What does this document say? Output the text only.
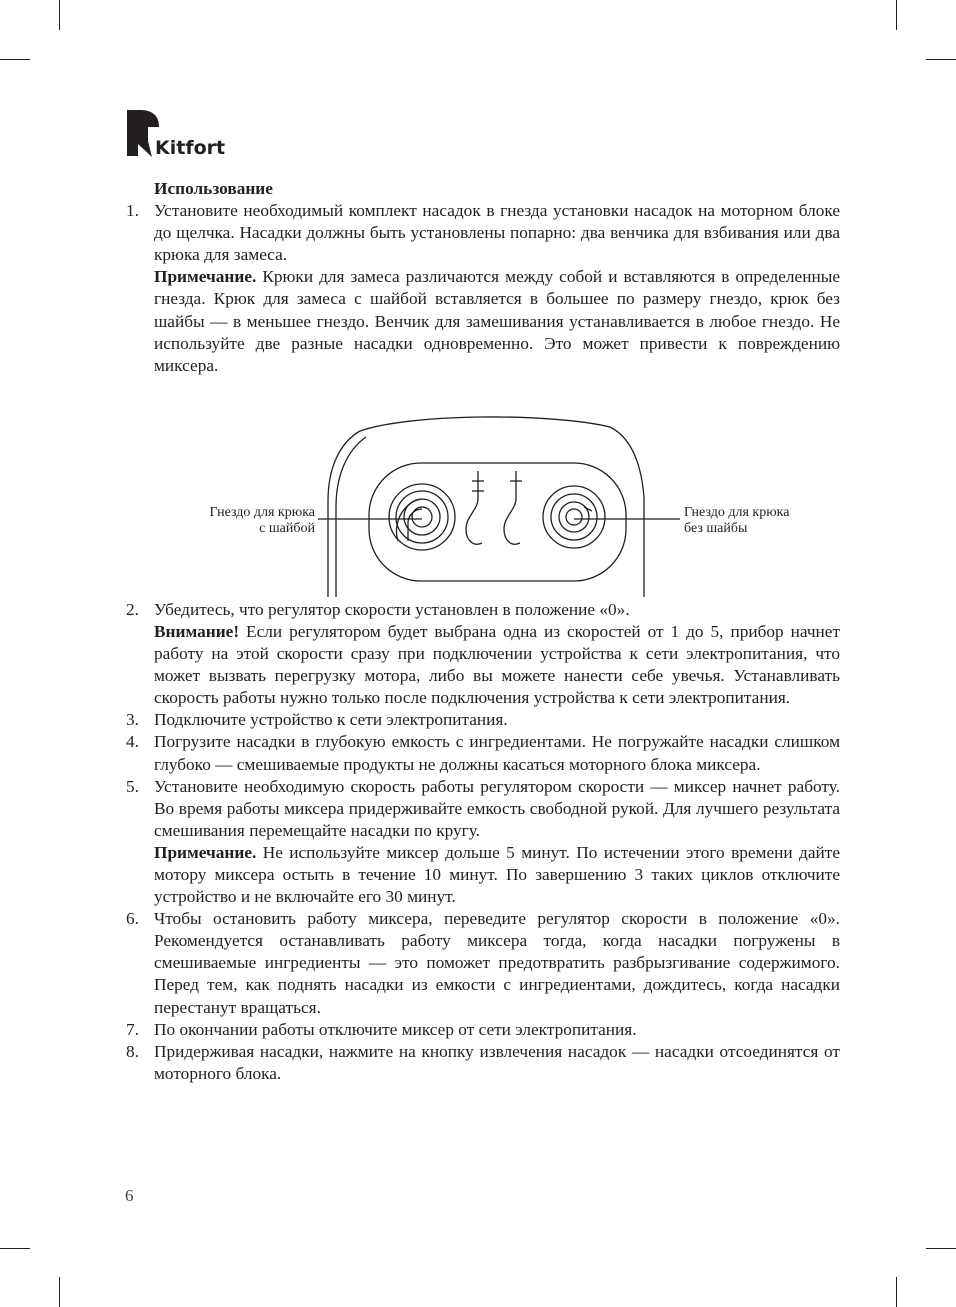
Kitfort

Использование

1. Установите необходимый комплект насадок в гнезда установки насадок на моторном блоке до щелчка. Насадки должны быть установлены попарно: два венчика для взбивания или два крюка для замеса.

Примечание. Крюки для замеса различаются между собой и вставляются в определенные гнезда. Крюк для замеса с шайбой вставляется в большее по размеру гнездо, крюк без шайбы — в меньшее гнездо. Венчик для замешивания устанавливается в любое гнездо. Не используйте две разные насадки одновременно. Это может привести к повреждению миксера.

Гнездо для крюка
с шайбой
Гнездо для крюка
без шайбы
2. Убедитесь, что регулятор скорости установлен в положение «0».

Внимание! Если регулятором будет выбрана одна из скоростей от 1 до 5, прибор начнет работу на этой скорости сразу при подключении устройства к сети электропитания, что может вызвать перегрузку мотора, либо вы можете нанести себе увечья. Устанавливать скорость работы нужно только после подключения устройства к сети электропитания.

3. Подключите устройство к сети электропитания.

4. Погрузите насадки в глубокую емкость с ингредиентами. Не погружайте насадки слишком глубоко — смешиваемые продукты не должны касаться моторного блока миксера.

5. Установите необходимую скорость работы регулятором скорости — миксер начнет работу. Во время работы миксера придерживайте емкость свободной рукой. Для лучшего результата смешивания перемещайте насадки по кругу.

Примечание. Не используйте миксер дольше 5 минут. По истечении этого времени дайте мотору миксера остыть в течение 10 минут. По завершению 3 таких циклов отключите устройство и не включайте его 30 минут.

6. Чтобы остановить работу миксера, переведите регулятор скорости в положение «0». Рекомендуется останавливать работу миксера тогда, когда насадки погружены в смешиваемые ингредиенты — это поможет предотвратить разбрызгивание содержимого. Перед тем, как поднять насадки из емкости с ингредиентами, дождитесь, когда насадки перестанут вращаться.

7. По окончании работы отключите миксер от сети электропитания.

8. Придерживая насадки, нажмите на кнопку извлечения насадок — насадки отсоединятся от моторного блока.

6
